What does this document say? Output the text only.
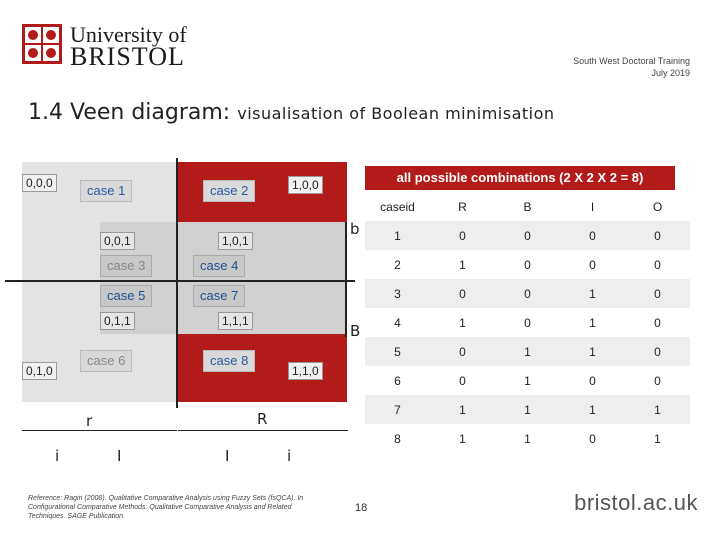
University of
BRISTOL	South West Doctoral Training
July 2019
1.4 Veen diagram: visualisation of Boolean minimisation
0,0,0
0,1,0
1,0,0
1,1,0
0,0,1	1,0,1
0,1,1	1,1,1
case 1	case 2
case 3	case 4
case 5	case 7
case 6	case 8
b
B
r	R
i	I	I	i
all possible combinations (2 X 2 X 2 = 8)
caseid	R	B	I	O
1	0	0	0	0
2	1	0	0	0
3	0	0	1	0
4	1	0	1	0
5	0	1	1	0
6	0	1	0	0
7	1	1	1	1
8	1	1	0	1
Reference: Ragin (2008). Qualitative Comparative Analysis using Fuzzy Sets (fsQCA). In Configurational Comparative Methods: Qualitative Comparative Analysis and Related Techniques. SAGE Publication.
18	bristol.ac.uk
